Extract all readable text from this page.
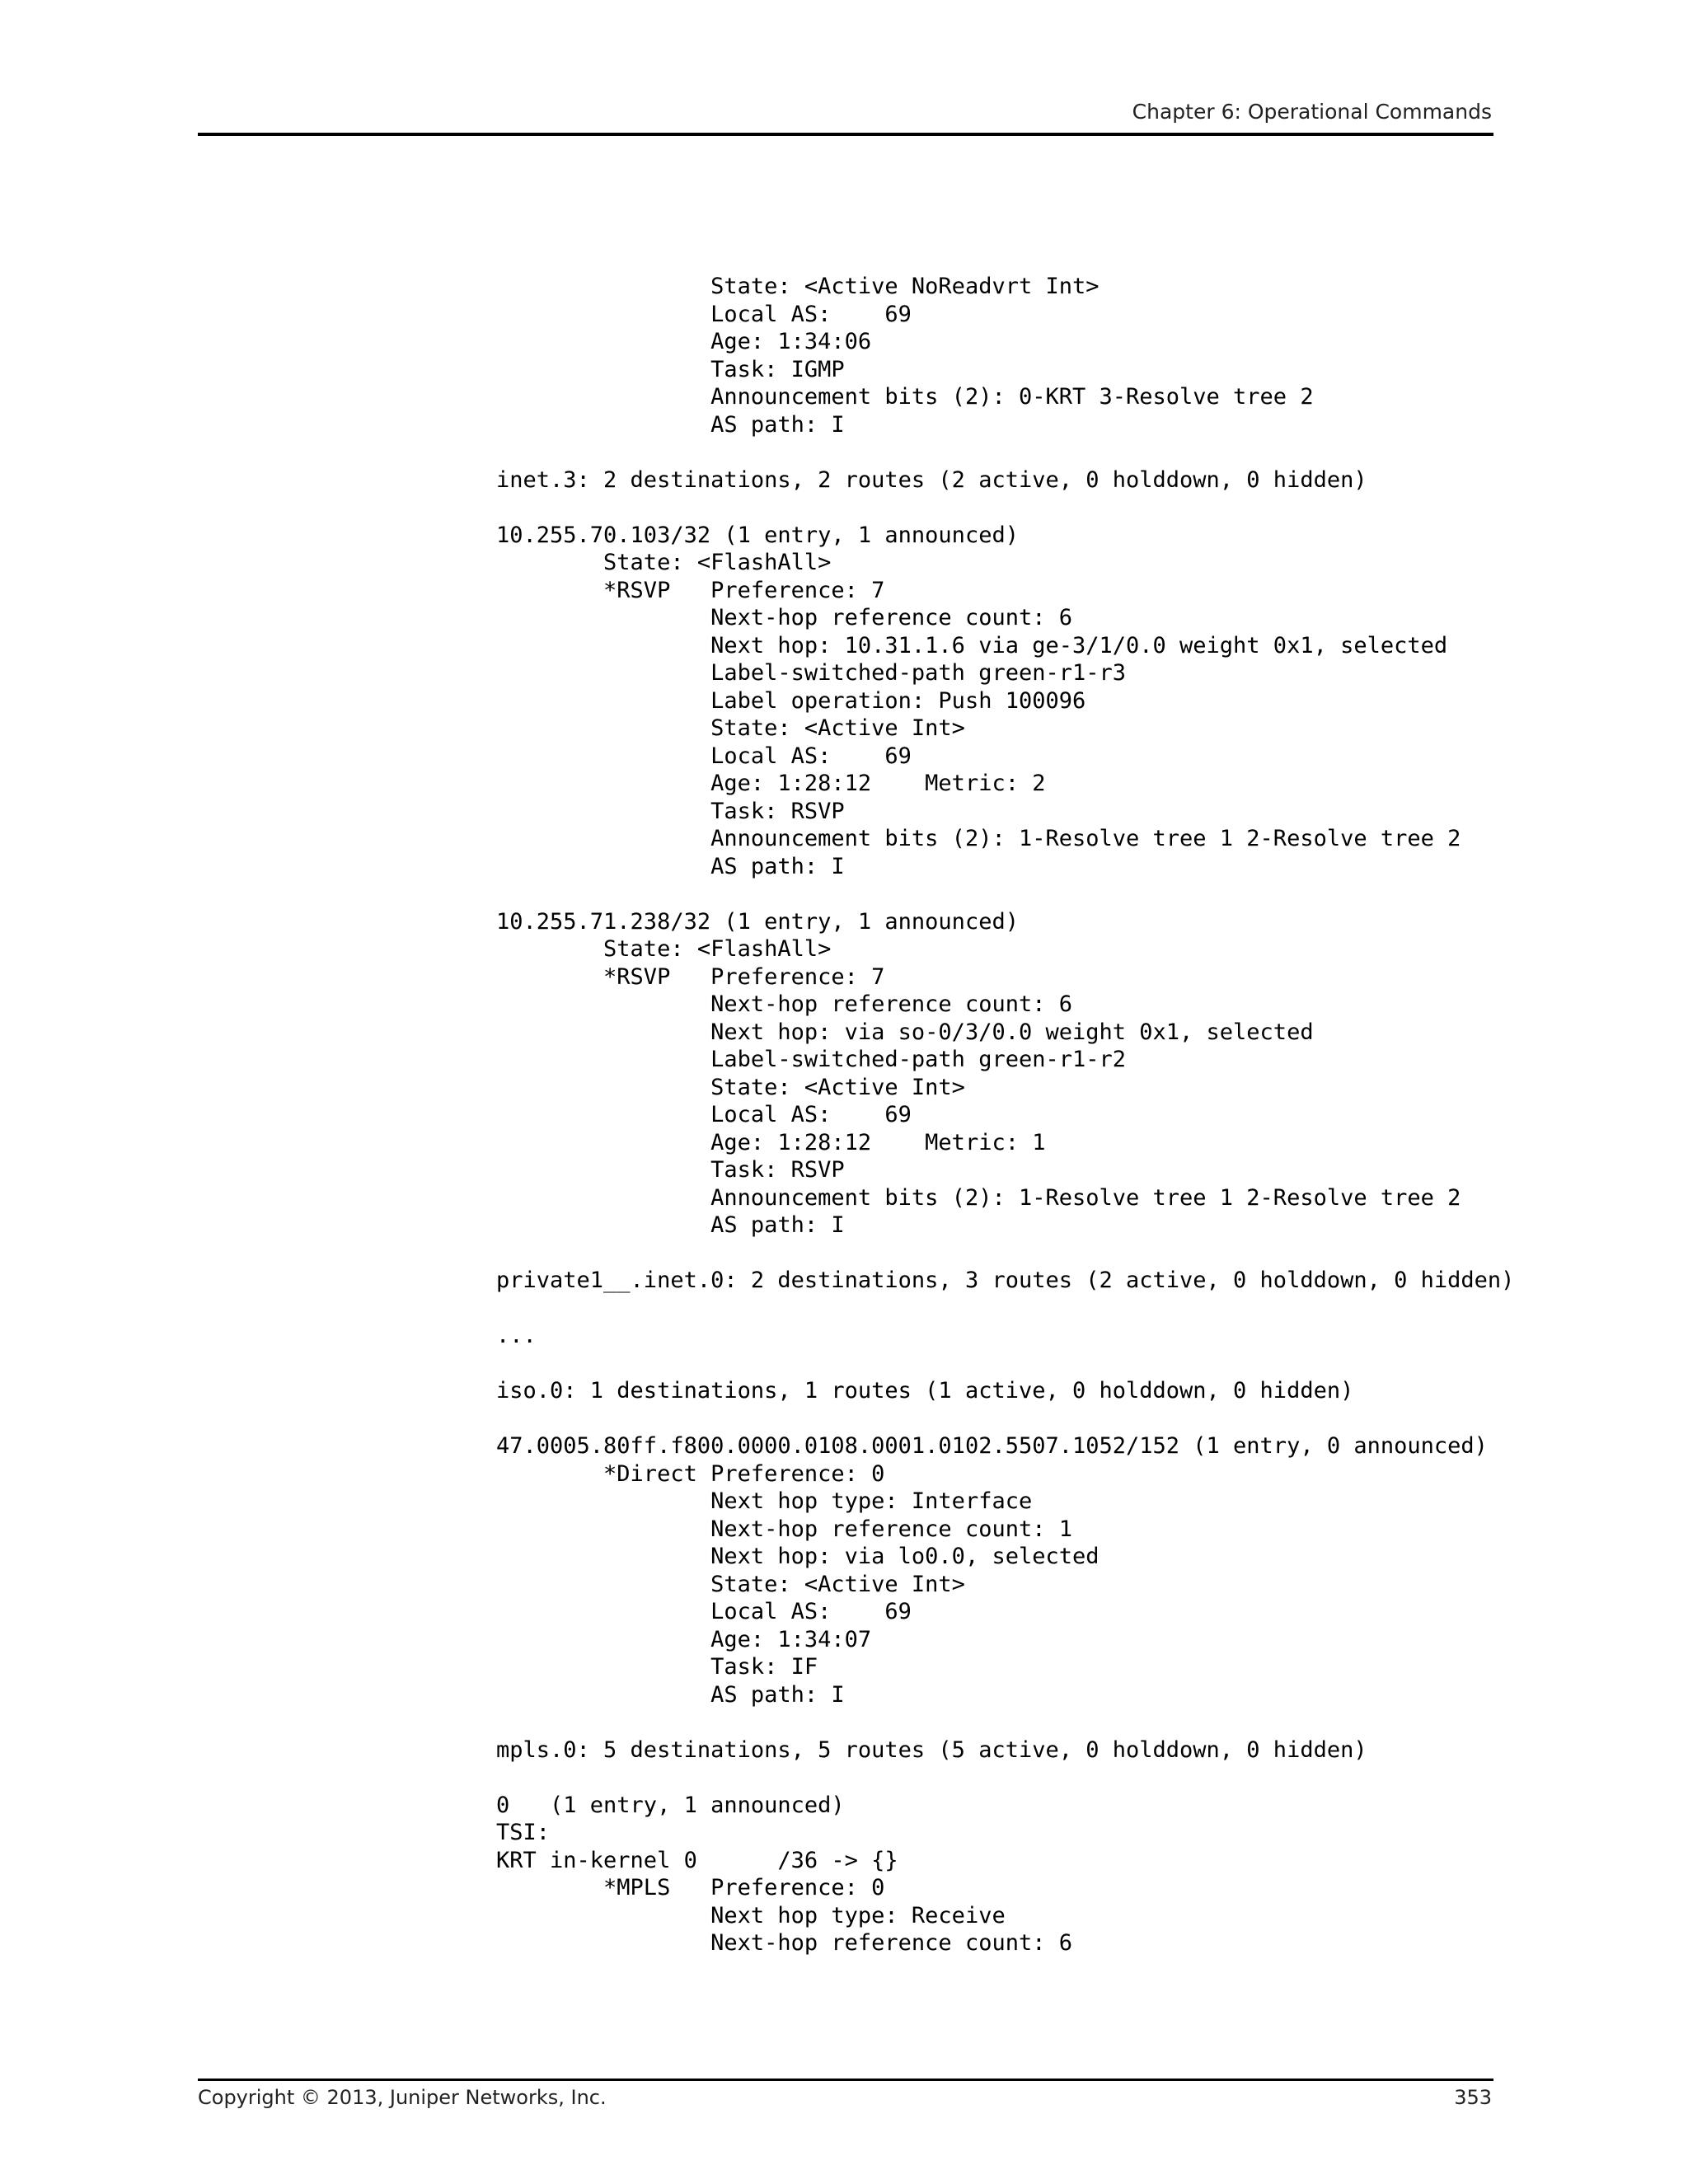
Chapter 6: Operational Commands
State: <Active NoReadvrt Int>
Local AS:    69
Age: 1:34:06
Task: IGMP
Announcement bits (2): 0-KRT 3-Resolve tree 2
AS path: I
inet.3: 2 destinations, 2 routes (2 active, 0 holddown, 0 hidden)
10.255.70.103/32 (1 entry, 1 announced)
State: <FlashAll>
*RSVP   Preference: 7
Next-hop reference count: 6
Next hop: 10.31.1.6 via ge-3/1/0.0 weight 0x1, selected
Label-switched-path green-r1-r3
Label operation: Push 100096
State: <Active Int>
Local AS:    69
Age: 1:28:12    Metric: 2
Task: RSVP
Announcement bits (2): 1-Resolve tree 1 2-Resolve tree 2
AS path: I
10.255.71.238/32 (1 entry, 1 announced)
State: <FlashAll>
*RSVP   Preference: 7
Next-hop reference count: 6
Next hop: via so-0/3/0.0 weight 0x1, selected
Label-switched-path green-r1-r2
State: <Active Int>
Local AS:    69
Age: 1:28:12    Metric: 1
Task: RSVP
Announcement bits (2): 1-Resolve tree 1 2-Resolve tree 2
AS path: I
private1__.inet.0: 2 destinations, 3 routes (2 active, 0 holddown, 0 hidden)
...
iso.0: 1 destinations, 1 routes (1 active, 0 holddown, 0 hidden)
47.0005.80ff.f800.0000.0108.0001.0102.5507.1052/152 (1 entry, 0 announced)
*Direct Preference: 0
Next hop type: Interface
Next-hop reference count: 1
Next hop: via lo0.0, selected
State: <Active Int>
Local AS:    69
Age: 1:34:07
Task: IF
AS path: I
mpls.0: 5 destinations, 5 routes (5 active, 0 holddown, 0 hidden)
0   (1 entry, 1 announced)
TSI:
KRT in-kernel 0      /36 -> {}
*MPLS   Preference: 0
Next hop type: Receive
Next-hop reference count: 6
Copyright © 2013, Juniper Networks, Inc.	353
